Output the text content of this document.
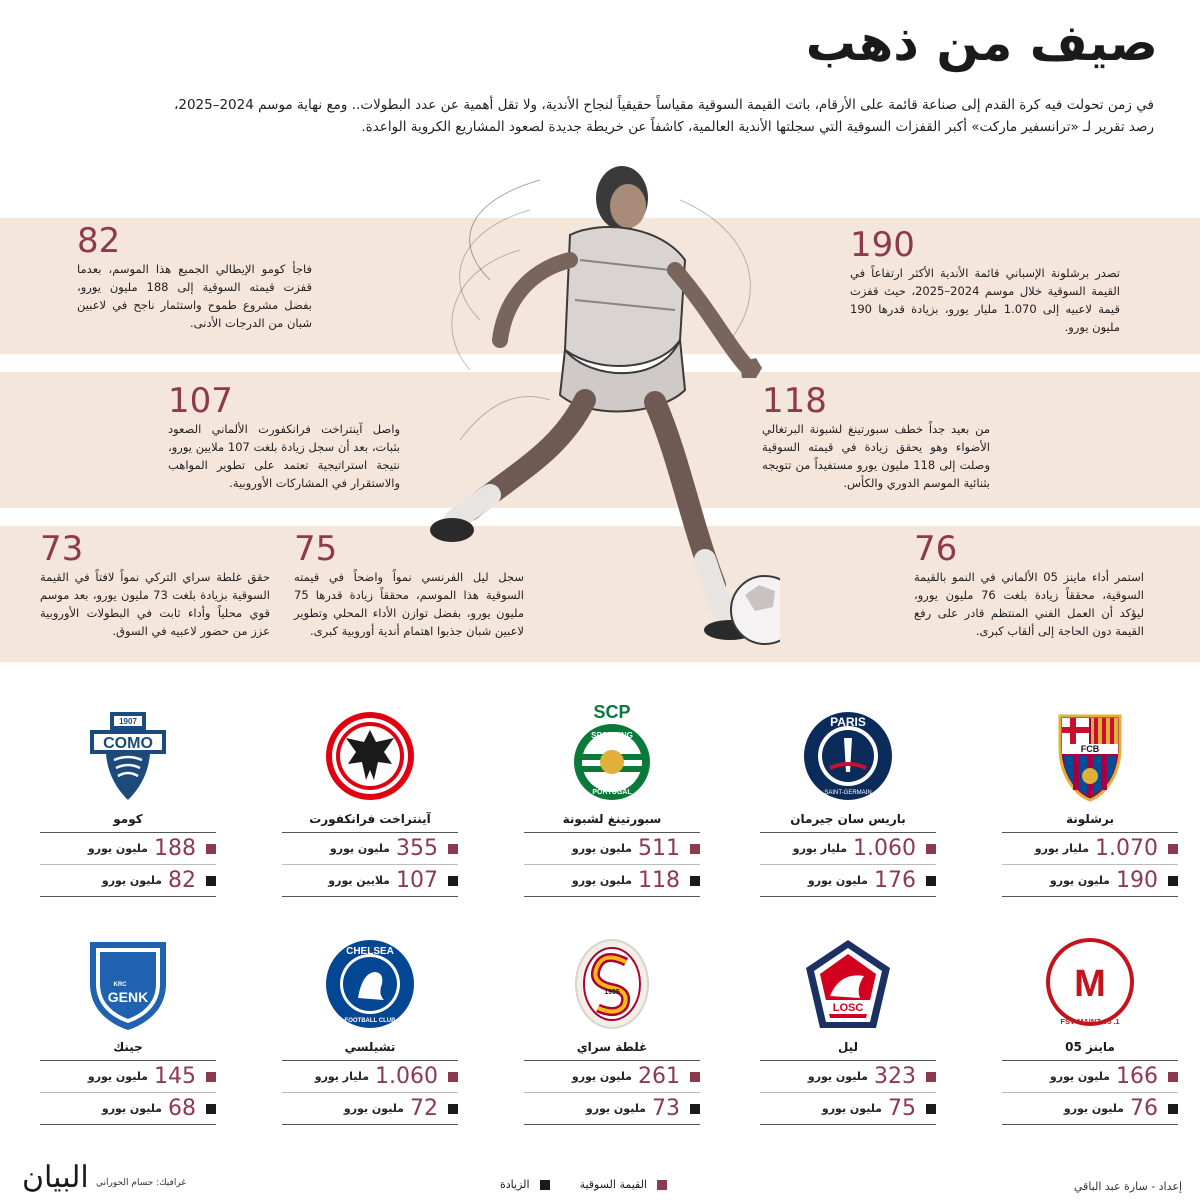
صيف من ذهب
في زمن تحولت فيه كرة القدم إلى صناعة قائمة على الأرقام، باتت القيمة السوقية مقياساً حقيقياً لنجاح الأندية، ولا تقل أهمية عن عدد البطولات.. ومع نهاية موسم 2024–2025، رصد تقرير لـ «ترانسفير ماركت» أكبر القفزات السوقية التي سجلتها الأندية العالمية، كاشفاً عن خريطة جديدة لصعود المشاريع الكروية الواعدة.
190
تصدر برشلونة الإسباني قائمة الأندية الأكثر ارتفاعاً في القيمة السوقية خلال موسم 2024–2025، حيث قفزت قيمة لاعبيه إلى 1.070 مليار يورو، بزيادة قدرها 190 مليون يورو.
82
فاجأ كومو الإيطالي الجميع هذا الموسم، بعدما قفزت قيمته السوقية إلى 188 مليون يورو، بفضل مشروع طموح واستثمار ناجح في لاعبين شبان من الدرجات الأدنى.
118
من بعيد جداً خطف سبورتينغ لشبونة البرتغالي الأضواء وهو يحقق زيادة في قيمته السوقية وصلت إلى 118 مليون يورو مستفيداً من تتويجه بثنائية الموسم الدوري والكأس.
107
واصل آينتراخت فرانكفورت الألماني الصعود بثبات، بعد أن سجل زيادة بلغت 107 ملايين يورو، نتيجة استراتيجية تعتمد على تطوير المواهب والاستقرار في المشاركات الأوروبية.
76
استمر أداء ماينز 05 الألماني في النمو بالقيمة السوقية، محققاً زيادة بلغت 76 مليون يورو، ليؤكد أن العمل الفني المنتظم قادر على رفع القيمة دون الحاجة إلى ألقاب كبرى.
75
سجل ليل الفرنسي نمواً واضحاً في قيمته السوقية هذا الموسم، محققاً زيادة قدرها 75 مليون يورو، بفضل توازن الأداء المحلي وتطوير لاعبين شبان جذبوا اهتمام أندية أوروبية كبرى.
73
حقق غلطة سراي التركي نمواً لافتاً في القيمة السوقية بزيادة بلغت 73 مليون يورو، بعد موسم قوي محلياً وأداء ثابت في البطولات الأوروبية عزز من حضور لاعبيه في السوق.
FCB
برشلونة
1.070
مليار يورو
190
مليون يورو
PARIS
SAINT-GERMAIN
باريس سان جيرمان
1.060
مليار يورو
176
مليون يورو
SCP
SPORTING
PORTUGAL
سبورتينغ لشبونة
511
مليون يورو
118
مليون يورو
آينتراخت فرانكفورت
355
مليون يورو
107
ملايين يورو
1907
COMO
كومو
188
مليون يورو
82
مليون يورو
M
1. FSV MAINZ 05
ماينز 05
166
مليون يورو
76
مليون يورو
LOSC
ليل
323
مليون يورو
75
مليون يورو
1905
غلطة سراي
261
مليون يورو
73
مليون يورو
CHELSEA
FOOTBALL CLUB
تشيلسي
1.060
مليار يورو
72
مليون يورو
KRC
GENK
جينك
145
مليون يورو
68
مليون يورو
إعداد - سارة عبد الباقي
القيمة السوقية
الزيادة
غرافيك: حسام الحوراني
البيان
